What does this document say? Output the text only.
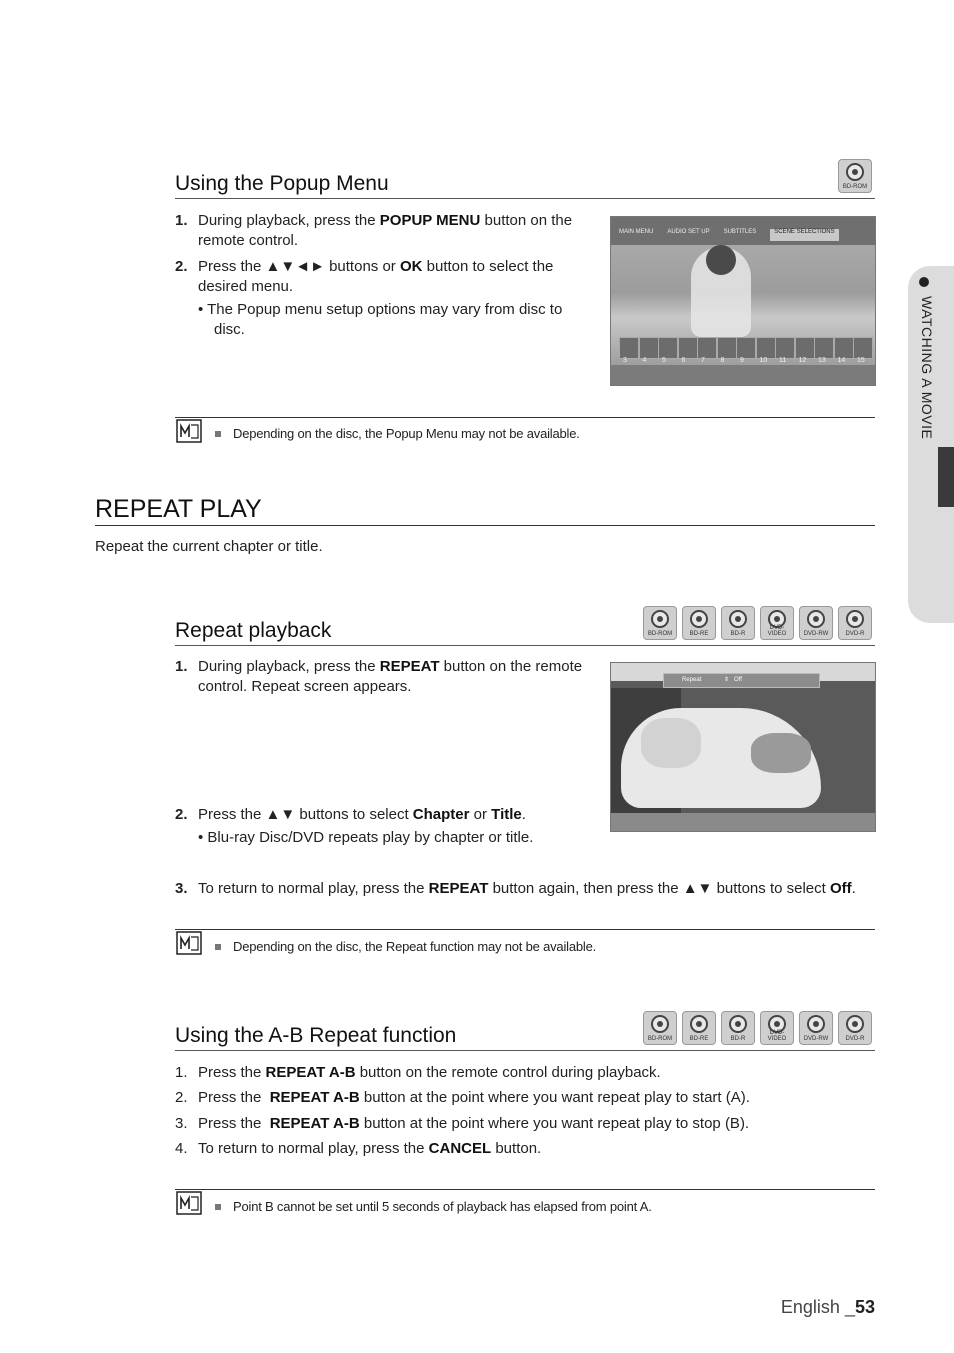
WATCHING A MOVIE
Using the Popup Menu	BD-ROM
1. During playback, press the POPUP MENU button on the
remote control.
2. Press the ▲▼◄► buttons or OK button to select the
desired menu.
• The Popup menu setup options may vary from disc to
disc.
MAIN MENU AUDIO SET UP SUBTITLES	SCENE SELECTIONS
3 4 5 6 7 8 9 10 11 12 13 14 15
Depending on the disc, the Popup Menu may not be available.
REPEAT PLAY
Repeat the current chapter or title.
Repeat playback	BD-ROM	BD-RE	BD-R
DVD-VIDEO	DVD-RW	DVD-R
1. During playback, press the REPEAT button on the remote
control. Repeat screen appears.	Repeat	⇕ Off
2. Press the ▲▼ buttons to select Chapter or Title.
• Blu-ray Disc/DVD repeats play by chapter or title.
3. To return to normal play, press the REPEAT button again, then press the ▲▼ buttons to select Off.
Depending on the disc, the Repeat function may not be available.
Using the A-B Repeat function	BD-ROM	BD-RE	BD-R
DVD-VIDEO	DVD-RW	DVD-R
1. Press the REPEAT A-B button on the remote control during playback.
2. Press the  REPEAT A-B button at the point where you want repeat play to start (A).
3. Press the  REPEAT A-B button at the point where you want repeat play to stop (B).
4. To return to normal play, press the CANCEL button.
Point B cannot be set until 5 seconds of playback has elapsed from point A.
English _53
